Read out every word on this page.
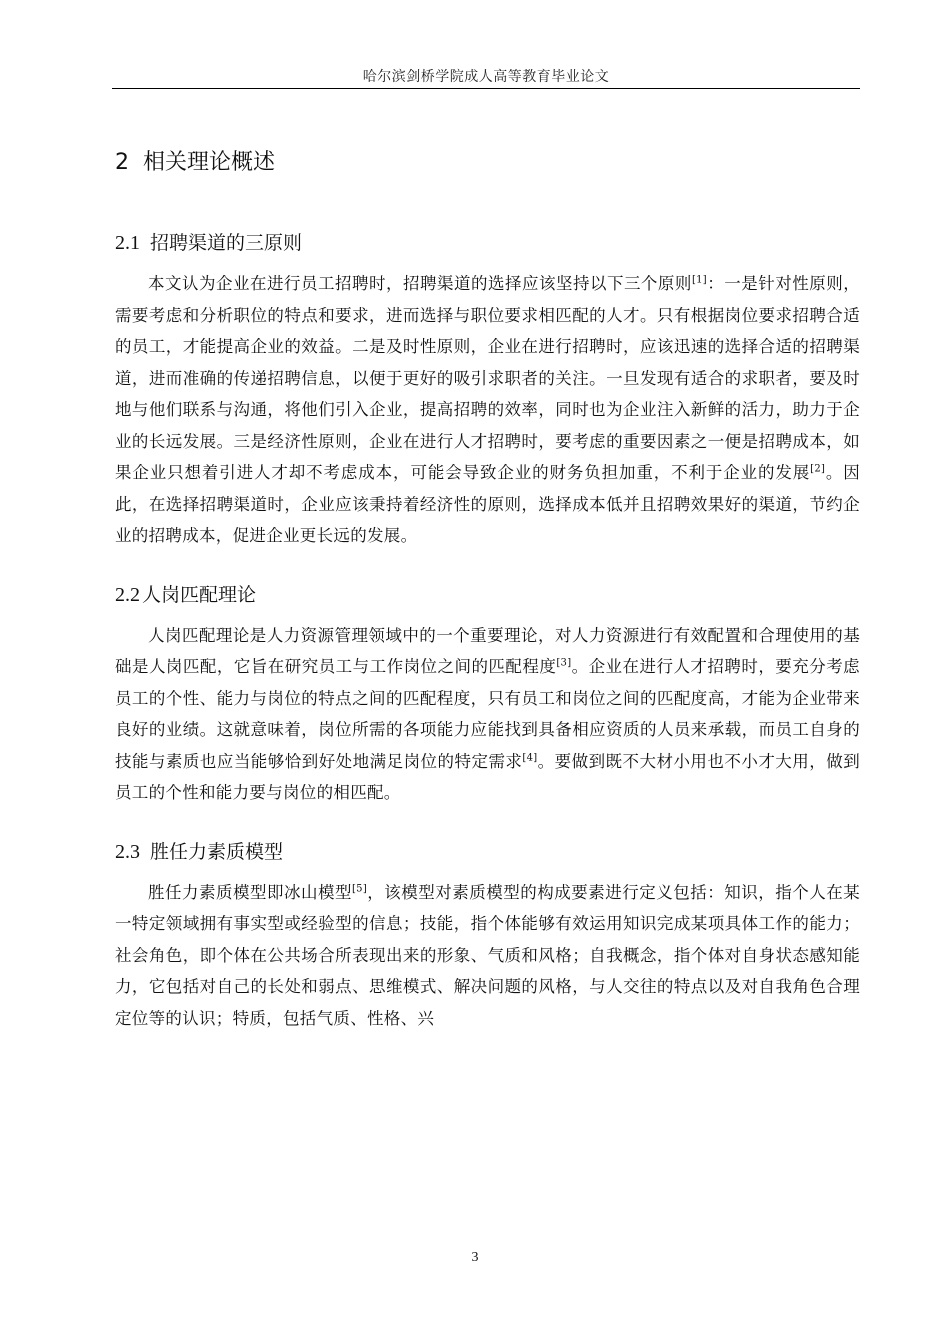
哈尔滨剑桥学院成人高等教育毕业论文
2 相关理论概述
2.1 招聘渠道的三原则

本文认为企业在进行员工招聘时，招聘渠道的选择应该坚持以下三个原则[1]：一是针对性原则，需要考虑和分析职位的特点和要求，进而选择与职位要求相匹配的人才。只有根据岗位要求招聘合适的员工，才能提高企业的效益。二是及时性原则，企业在进行招聘时，应该迅速的选择合适的招聘渠道，进而准确的传递招聘信息，以便于更好的吸引求职者的关注。一旦发现有适合的求职者，要及时地与他们联系与沟通，将他们引入企业，提高招聘的效率，同时也为企业注入新鲜的活力，助力于企业的长远发展。三是经济性原则，企业在进行人才招聘时，要考虑的重要因素之一便是招聘成本，如果企业只想着引进人才却不考虑成本，可能会导致企业的财务负担加重，不利于企业的发展[2]。因此，在选择招聘渠道时，企业应该秉持着经济性的原则，选择成本低并且招聘效果好的渠道，节约企业的招聘成本，促进企业更长远的发展。

2.2 人岗匹配理论

人岗匹配理论是人力资源管理领域中的一个重要理论，对人力资源进行有效配置和合理使用的基础是人岗匹配，它旨在研究员工与工作岗位之间的匹配程度[3]。企业在进行人才招聘时，要充分考虑员工的个性、能力与岗位的特点之间的匹配程度，只有员工和岗位之间的匹配度高，才能为企业带来良好的业绩。这就意味着，岗位所需的各项能力应能找到具备相应资质的人员来承载，而员工自身的技能与素质也应当能够恰到好处地满足岗位的特定需求[4]。要做到既不大材小用也不小才大用，做到员工的个性和能力要与岗位的相匹配。

2.3 胜任力素质模型

胜任力素质模型即冰山模型[5]，该模型对素质模型的构成要素进行定义包括：知识，指个人在某一特定领域拥有事实型或经验型的信息；技能，指个体能够有效运用知识完成某项具体工作的能力；社会角色，即个体在公共场合所表现出来的形象、气质和风格；自我概念，指个体对自身状态感知能力，它包括对自己的长处和弱点、思维模式、解决问题的风格，与人交往的特点以及对自我角色合理定位等的认识；特质，包括气质、性格、兴

3
